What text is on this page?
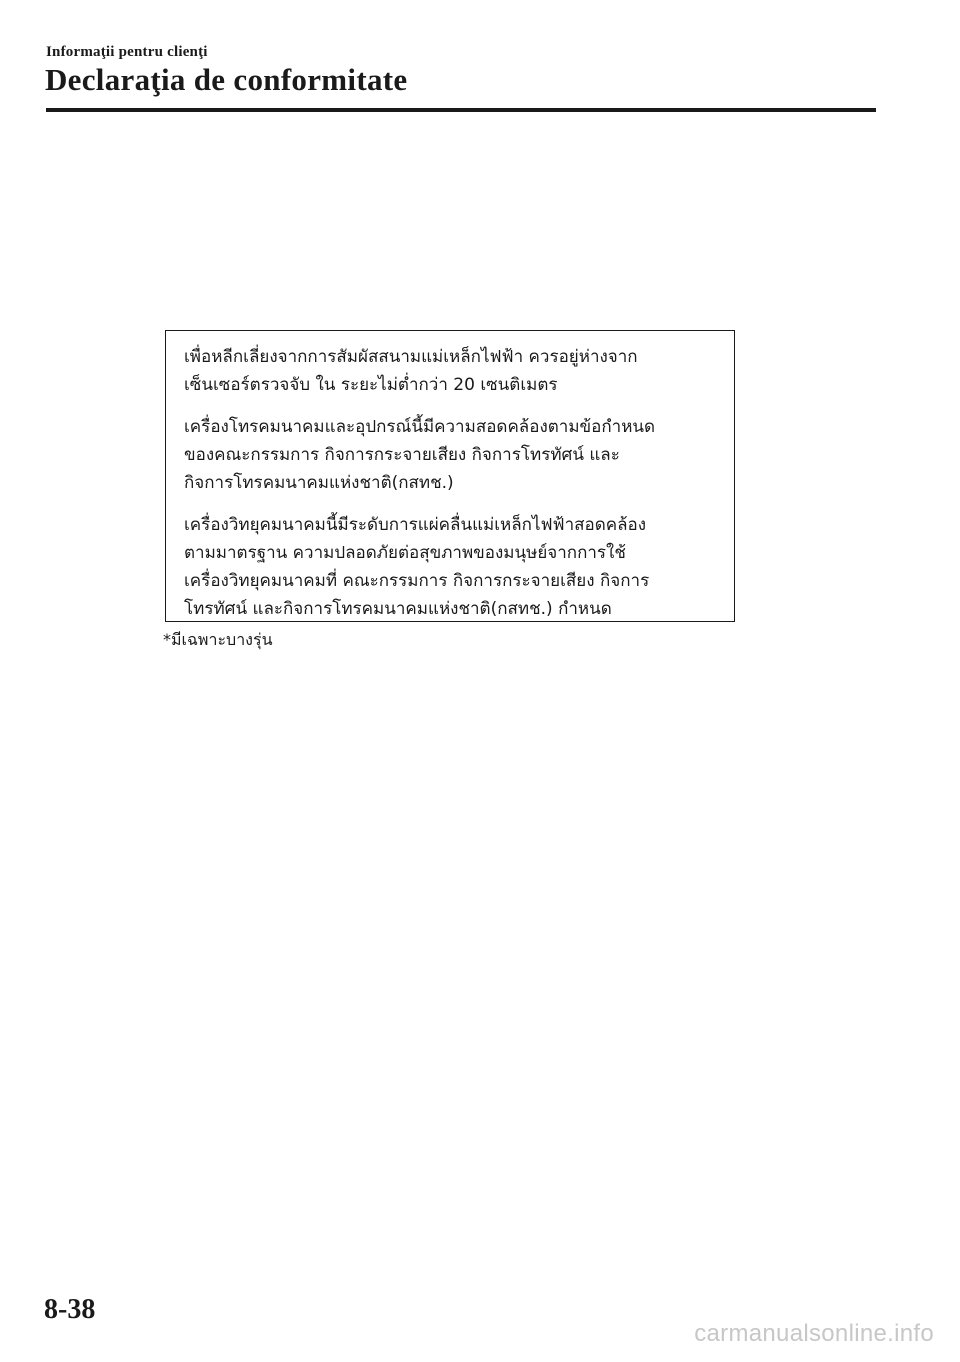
Informaţii pentru clienţi
Declaraţia de conformitate

เพื่อหลีกเลี่ยงจากการสัมผัสสนามแม่เหล็กไฟฟ้า ควรอยู่ห่างจาก
เซ็นเซอร์ตรวจจับ ใน ระยะไม่ต่ำกว่า 20 เซนติเมตร

เครื่องโทรคมนาคมและอุปกรณ์นี้มีความสอดคล้องตามข้อกำหนด
ของคณะกรรมการ กิจการกระจายเสียง กิจการโทรทัศน์ และ
กิจการโทรคมนาคมแห่งชาติ(กสทช.)

เครื่องวิทยุคมนาคมนี้มีระดับการแผ่คลื่นแม่เหล็กไฟฟ้าสอดคล้อง
ตามมาตรฐาน ความปลอดภัยต่อสุขภาพของมนุษย์จากการใช้
เครื่องวิทยุคมนาคมที่ คณะกรรมการ กิจการกระจายเสียง กิจการ
โทรทัศน์ และกิจการโทรคมนาคมแห่งชาติ(กสทช.) กำหนด

*มีเฉพาะบางรุ่น
8-38
carmanualsonline.info
